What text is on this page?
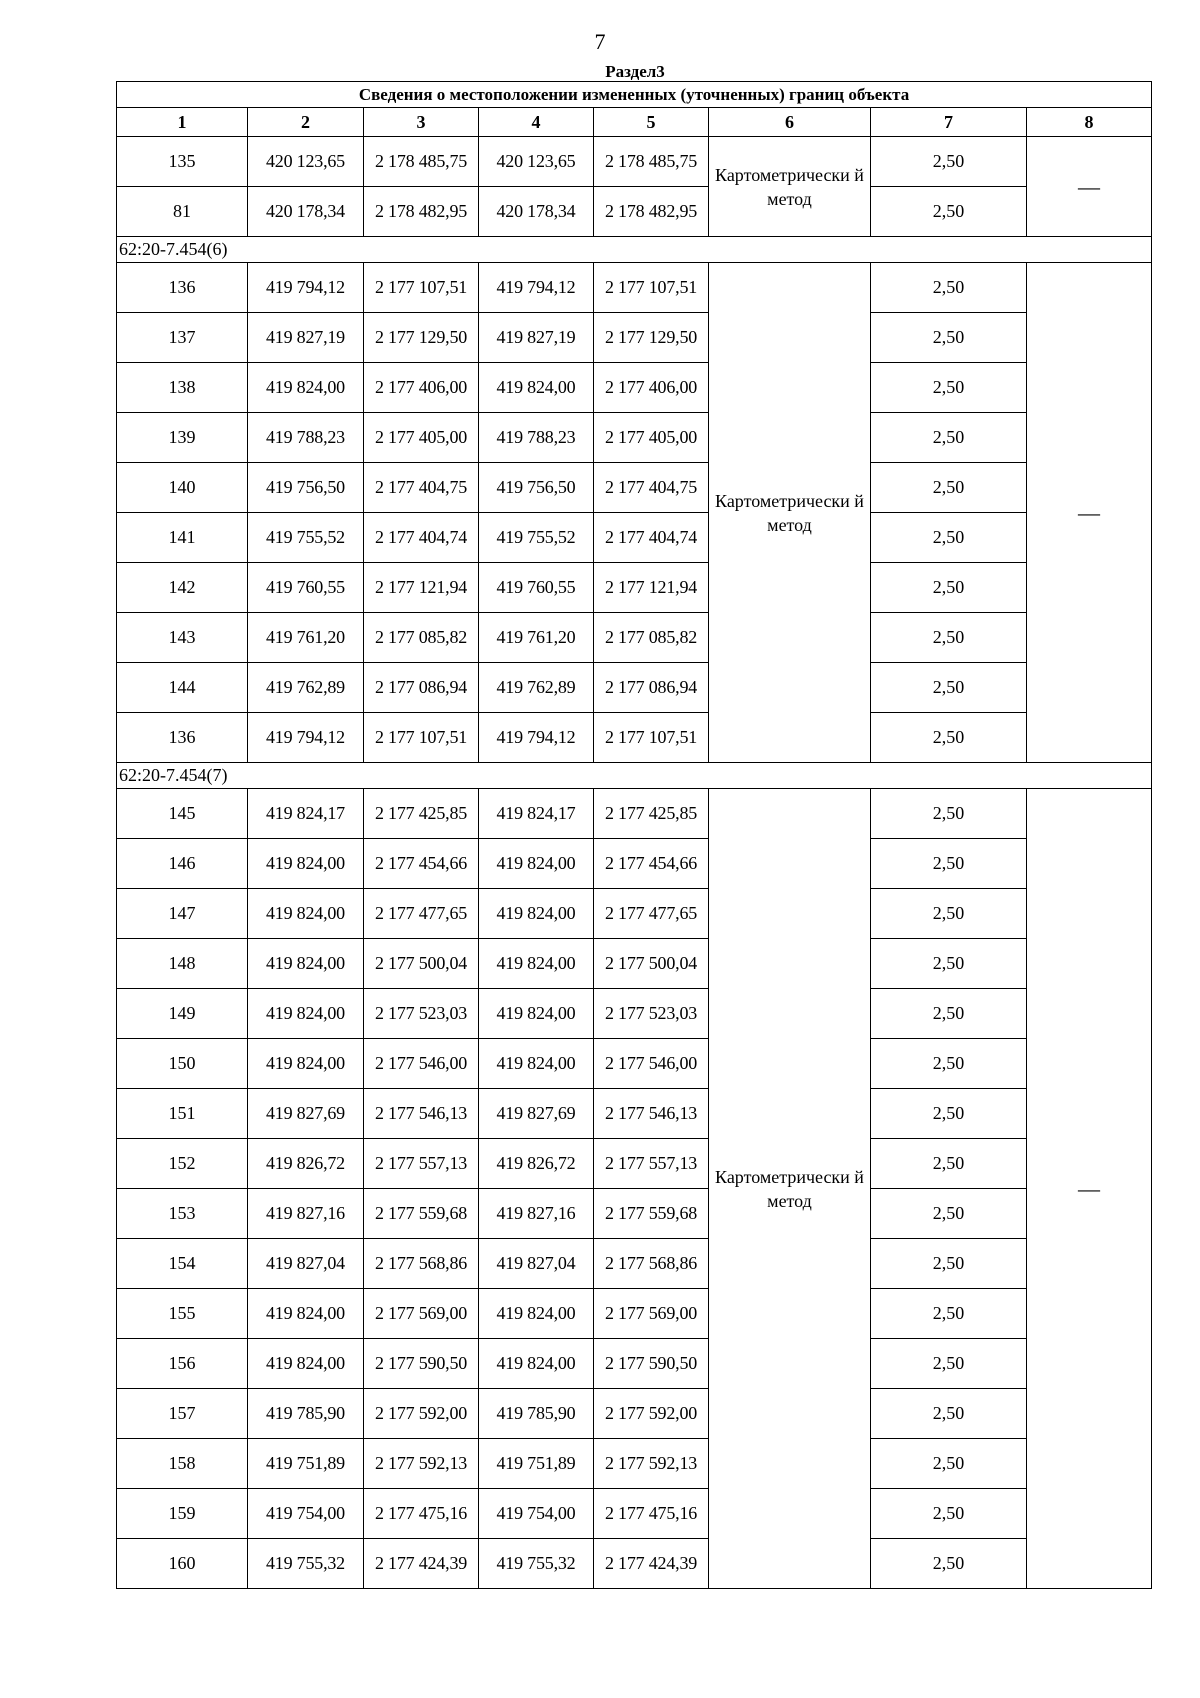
7
Раздел3
Сведения о местоположении измененных (уточненных) границ объекта							
1	2	3	4	5	6	7	8
135	420 123,65	2 178 485,75	420 123,65	2 178 485,75	Картометрически й метод	2,50	—
81	420 178,34	2 178 482,95	420 178,34	2 178 482,95		2,50	
62:20-7.454(6)							
136	419 794,12	2 177 107,51	419 794,12	2 177 107,51	Картометрически й метод	2,50	—
137	419 827,19	2 177 129,50	419 827,19	2 177 129,50		2,50	
138	419 824,00	2 177 406,00	419 824,00	2 177 406,00		2,50	
139	419 788,23	2 177 405,00	419 788,23	2 177 405,00		2,50	
140	419 756,50	2 177 404,75	419 756,50	2 177 404,75		2,50	
141	419 755,52	2 177 404,74	419 755,52	2 177 404,74		2,50	
142	419 760,55	2 177 121,94	419 760,55	2 177 121,94		2,50	
143	419 761,20	2 177 085,82	419 761,20	2 177 085,82		2,50	
144	419 762,89	2 177 086,94	419 762,89	2 177 086,94		2,50	
136	419 794,12	2 177 107,51	419 794,12	2 177 107,51		2,50	
62:20-7.454(7)							
145	419 824,17	2 177 425,85	419 824,17	2 177 425,85	Картометрически й метод	2,50	—
146	419 824,00	2 177 454,66	419 824,00	2 177 454,66		2,50	
147	419 824,00	2 177 477,65	419 824,00	2 177 477,65		2,50	
148	419 824,00	2 177 500,04	419 824,00	2 177 500,04		2,50	
149	419 824,00	2 177 523,03	419 824,00	2 177 523,03		2,50	
150	419 824,00	2 177 546,00	419 824,00	2 177 546,00		2,50	
151	419 827,69	2 177 546,13	419 827,69	2 177 546,13		2,50	
152	419 826,72	2 177 557,13	419 826,72	2 177 557,13		2,50	
153	419 827,16	2 177 559,68	419 827,16	2 177 559,68		2,50	
154	419 827,04	2 177 568,86	419 827,04	2 177 568,86		2,50	
155	419 824,00	2 177 569,00	419 824,00	2 177 569,00		2,50	
156	419 824,00	2 177 590,50	419 824,00	2 177 590,50		2,50	
157	419 785,90	2 177 592,00	419 785,90	2 177 592,00		2,50	
158	419 751,89	2 177 592,13	419 751,89	2 177 592,13		2,50	
159	419 754,00	2 177 475,16	419 754,00	2 177 475,16		2,50	
160	419 755,32	2 177 424,39	419 755,32	2 177 424,39		2,50	
